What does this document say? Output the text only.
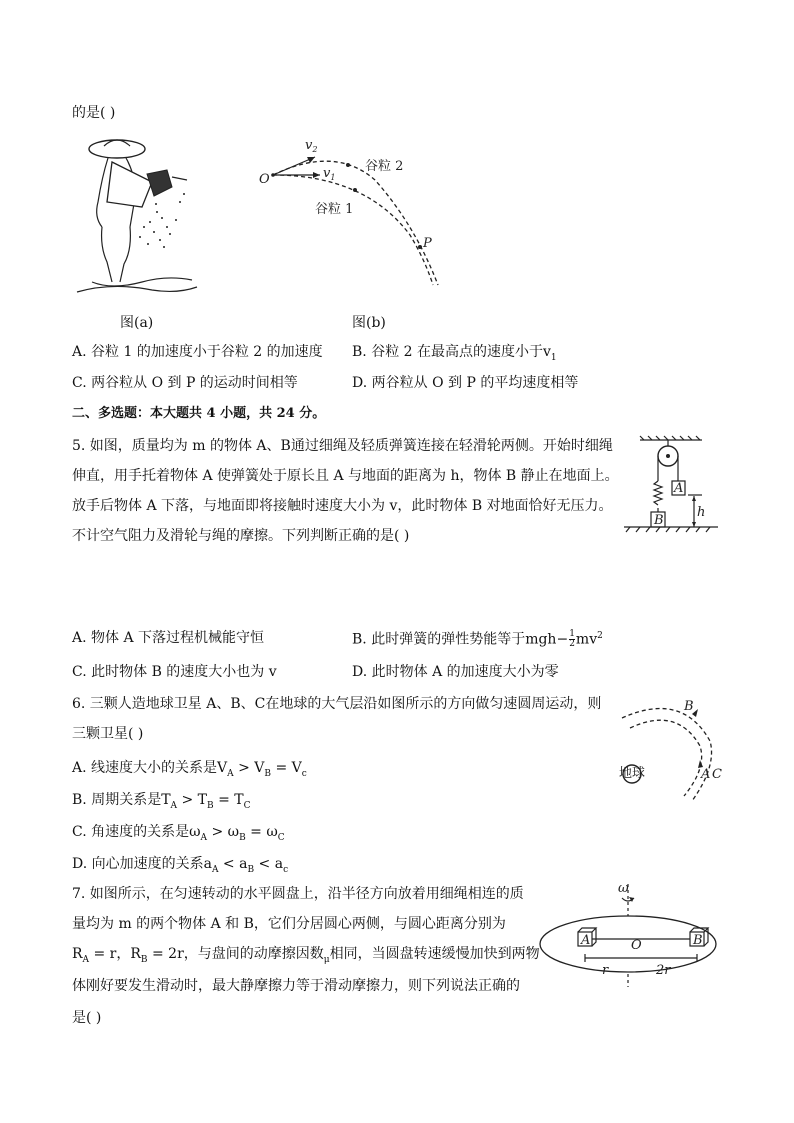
的是( )
图(a)
O
P
$v_2$
$v_1$
谷粒 2
谷粒 1
图(b)
A. 谷粒 1 的加速度小于谷粒 2 的加速度 B. 谷粒 2 在最高点的速度小于$v_1$
C. 两谷粒从 O 到 P 的运动时间相等	D. 两谷粒从 O 到 P 的平均速度相等
二、多选题：本大题共 4 小题，共 24 分。
5. 如图，质量均为 m 的物体 A、B通过细绳及轻质弹簧连接在轻滑轮两侧。开始时细绳
伸直，用手托着物体 A 使弹簧处于原长且 A 与地面的距离为 h，物体 B 静止在地面上。
放手后物体 A 下落，与地面即将接触时速度大小为 v，此时物体 B 对地面恰好无压力。
不计空气阻力及滑轮与绳的摩擦。下列判断正确的是( )
A
B
h
A. 物体 A 下落过程机械能守恒	B. 此时弹簧的弹性势能等于$mgh- \frac{1}{2} mv^2$
C. 此时物体 B 的速度大小也为 v	D. 此时物体 A 的加速度大小为零
6. 三颗人造地球卫星 A、B、C在地球的大气层沿如图所示的方向做匀速圆周运动，则
三颗卫星( )
地球
B
A C
A. 线速度大小的关系是$V_A > V_B = V_c$
B. 周期关系是$T_A > T_B = T_C$
C. 角速度的关系是$\omega_A > \omega_B = \omega_C$
D. 向心加速度的关系$a_A < a_B < a_c$
7. 如图所示，在匀速转动的水平圆盘上，沿半径方向放着用细绳相连的质
量均为 m 的两个物体 A 和 B，它们分居圆心两侧，与圆心距离分别为
$R_A = r$，$R_B = 2r$，与盘间的动摩擦因数$_\mu$相同，当圆盘转速缓慢加快到两物
体刚好要发生滑动时，最大静摩擦力等于滑动摩擦力，则下列说法正确的
是( )
ω
A	B
O
r	2r
